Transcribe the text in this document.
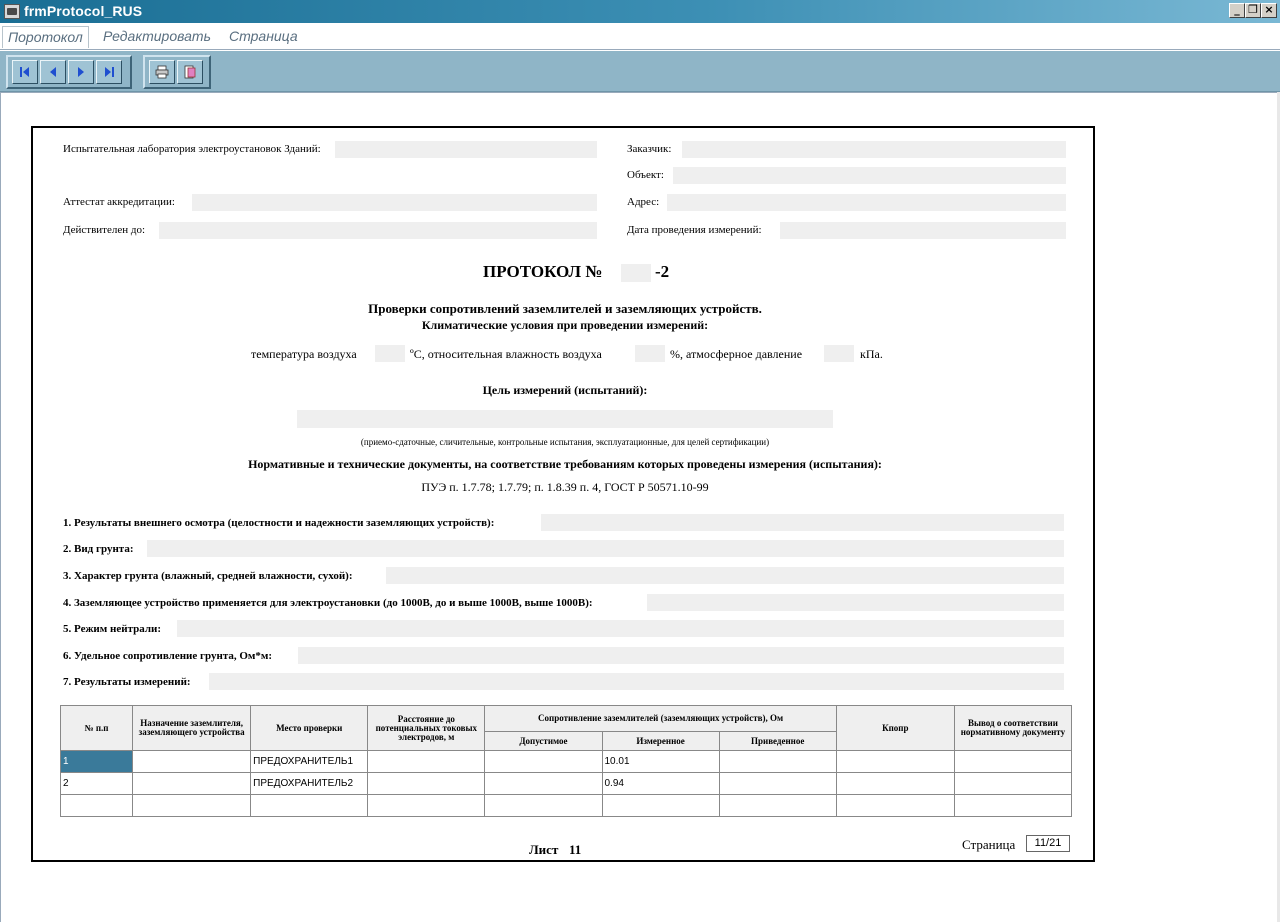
frmProtocol_RUS	_ ❐ ×
Поротокол	Редактировать	Страница
Испытательная лаборатория электроустановок Зданий:
Аттестат аккредитации:
Действителен до:
Заказчик:
Объект:
Адрес:
Дата проведения измерений:
ПРОТОКОЛ №	-2
Проверки сопротивлений заземлителей и заземляющих устройств.
Климатические условия при проведении измерений:
температура воздуха	ºС, относительная влажность воздуха	%, атмосферное давление	кПа.
Цель измерений (испытаний):
(приемо-сдаточные, сличительные, контрольные испытания, эксплуатационные, для целей сертификации)
Нормативные и технические документы, на соответствие требованиям которых проведены измерения (испытания):
ПУЭ п. 1.7.78; 1.7.79; п. 1.8.39 п. 4, ГОСТ Р 50571.10-99
1. Результаты внешнего осмотра (целостности и надежности заземляющих устройств):
2. Вид грунта:
3. Характер грунта (влажный, средней влажности, сухой):
4. Заземляющее устройство применяется для электроустановки (до 1000В, до и выше 1000В, выше 1000В):
5. Режим нейтрали:
6. Удельное сопротивление грунта, Ом*м:
7. Результаты измерений:
№ п.п	Назначение заземлителя, заземляющего устройства	Место проверки	Расстояние до потенциальных токовых электродов, м	Сопротивление заземлителей (заземляющих устройств), Ом			Кпопр	Вывод о соответствии нормативному документу
				Допустимое	Измеренное	Приведенное		
1		ПРЕДОХРАНИТЕЛЬ1			10.01			
2		ПРЕДОХРАНИТЕЛЬ2			0.94			

Лист 11	Страница	11/21
